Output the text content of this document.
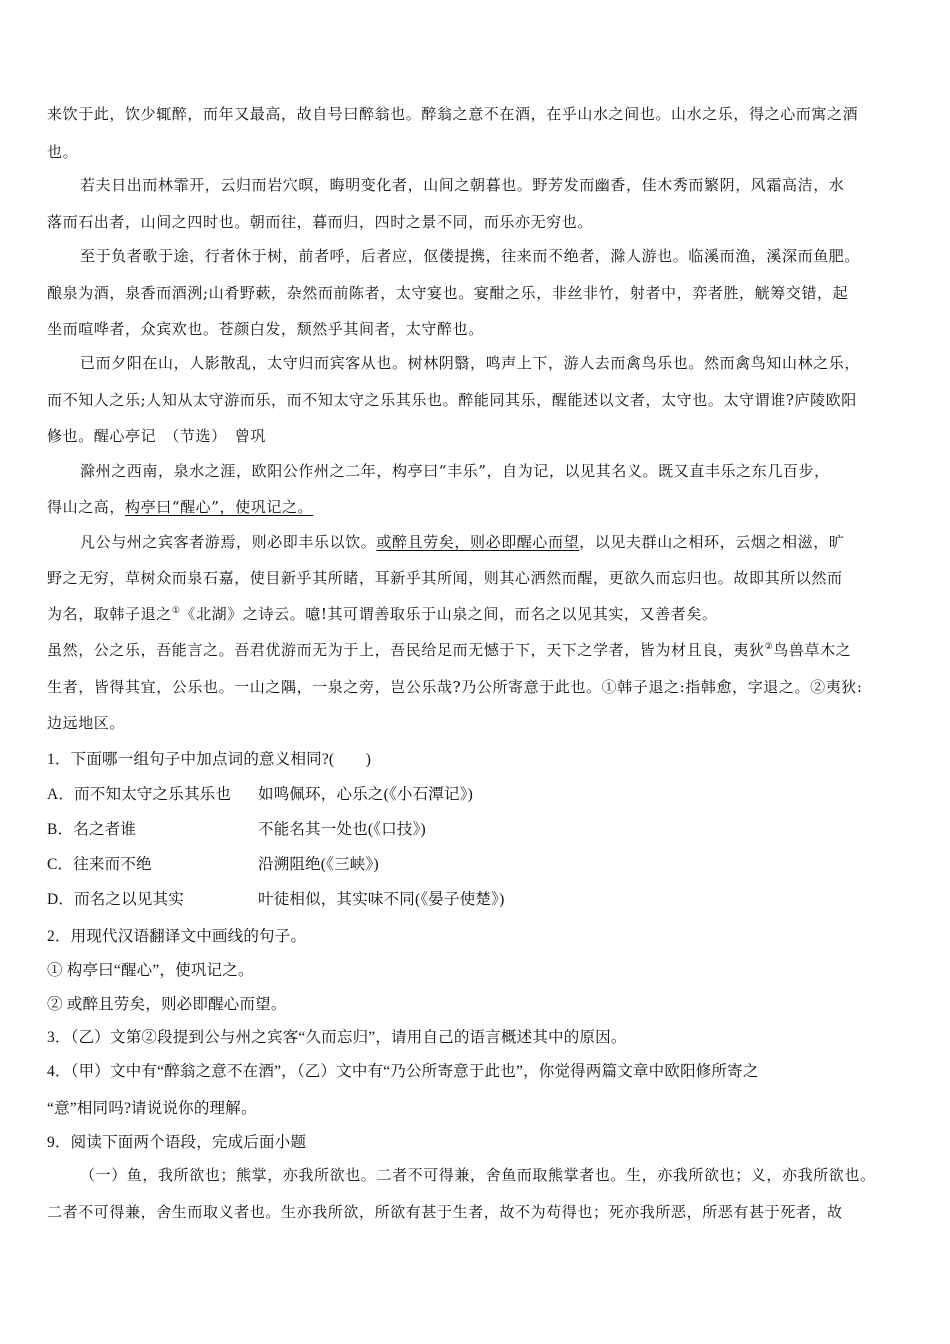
来饮于此，饮少辄醉，而年又最高，故自号曰醉翁也。醉翁之意不在酒，在乎山水之间也。山水之乐，得之心而寓之酒
也。
若夫日出而林霏开，云归而岩穴暝，晦明变化者，山间之朝暮也。野芳发而幽香，佳木秀而繁阴，风霜高洁，水
落而石出者，山间之四时也。朝而往，暮而归，四时之景不同，而乐亦无穷也。
至于负者歌于途，行者休于树，前者呼，后者应，伛偻提携，往来而不绝者，滁人游也。临溪而渔，溪深而鱼肥。
酿泉为酒，泉香而酒洌;山肴野蔌，杂然而前陈者，太守宴也。宴酣之乐，非丝非竹，射者中，弈者胜，觥筹交错，起
坐而喧哗者，众宾欢也。苍颜白发，颓然乎其间者，太守醉也。
已而夕阳在山，人影散乱，太守归而宾客从也。树林阴翳，鸣声上下，游人去而禽鸟乐也。然而禽鸟知山林之乐，
而不知人之乐;人知从太守游而乐，而不知太守之乐其乐也。醉能同其乐，醒能述以文者，太守也。太守谓谁?庐陵欧阳
修也。醒心亭记　（节选）　曾巩
滁州之西南，泉水之涯，欧阳公作州之二年，构亭曰“丰乐”，自为记，以见其名义。既又直丰乐之东几百步，
得山之高，构亭曰“醒心”，使巩记之。
凡公与州之宾客者游焉，则必即丰乐以饮。或醉且劳矣，则必即醒心而望，以见夫群山之相环，云烟之相滋，旷
野之无穷，草树众而泉石嘉，使目新乎其所睹，耳新乎其所闻，则其心洒然而醒，更欲久而忘归也。故即其所以然而
为名，取韩子退之①《北湖》之诗云。噫!其可谓善取乐于山泉之间，而名之以见其实，又善者矣。
虽然，公之乐，吾能言之。吾君优游而无为于上，吾民给足而无憾于下，天下之学者，皆为材且良，夷狄②鸟兽草木之
生者，皆得其宜，公乐也。一山之隅，一泉之旁，岂公乐哉?乃公所寄意于此也。①韩子退之:指韩愈，字退之。②夷狄:
边远地区。
1．下面哪一组句子中加点词的意义相同?(　　)
A．而不知太守之乐其乐也 如鸣佩环，心乐之(《小石潭记》)
B．名之者谁	不能名其一处也(《口技》)
C．往来而不绝	沿溯阻绝(《三峡》)
D．而名之以见其实	叶徒相似，其实味不同(《晏子使楚》)
2．用现代汉语翻译文中画线的句子。
① 构亭曰“醒心”，使巩记之。
② 或醉且劳矣，则必即醒心而望。
3．（乙）文第②段提到公与州之宾客“久而忘归”，请用自己的语言概述其中的原因。
4．（甲）文中有“醉翁之意不在酒”，（乙）文中有“乃公所寄意于此也”，你觉得两篇文章中欧阳修所寄之
“意”相同吗?请说说你的理解。
9．阅读下面两个语段，完成后面小题
（一）鱼，我所欲也；熊掌，亦我所欲也。二者不可得兼，舍鱼而取熊掌者也。生，亦我所欲也；义，亦我所欲也。
二者不可得兼，舍生而取义者也。生亦我所欲，所欲有甚于生者，故不为苟得也；死亦我所恶，所恶有甚于死者，故
